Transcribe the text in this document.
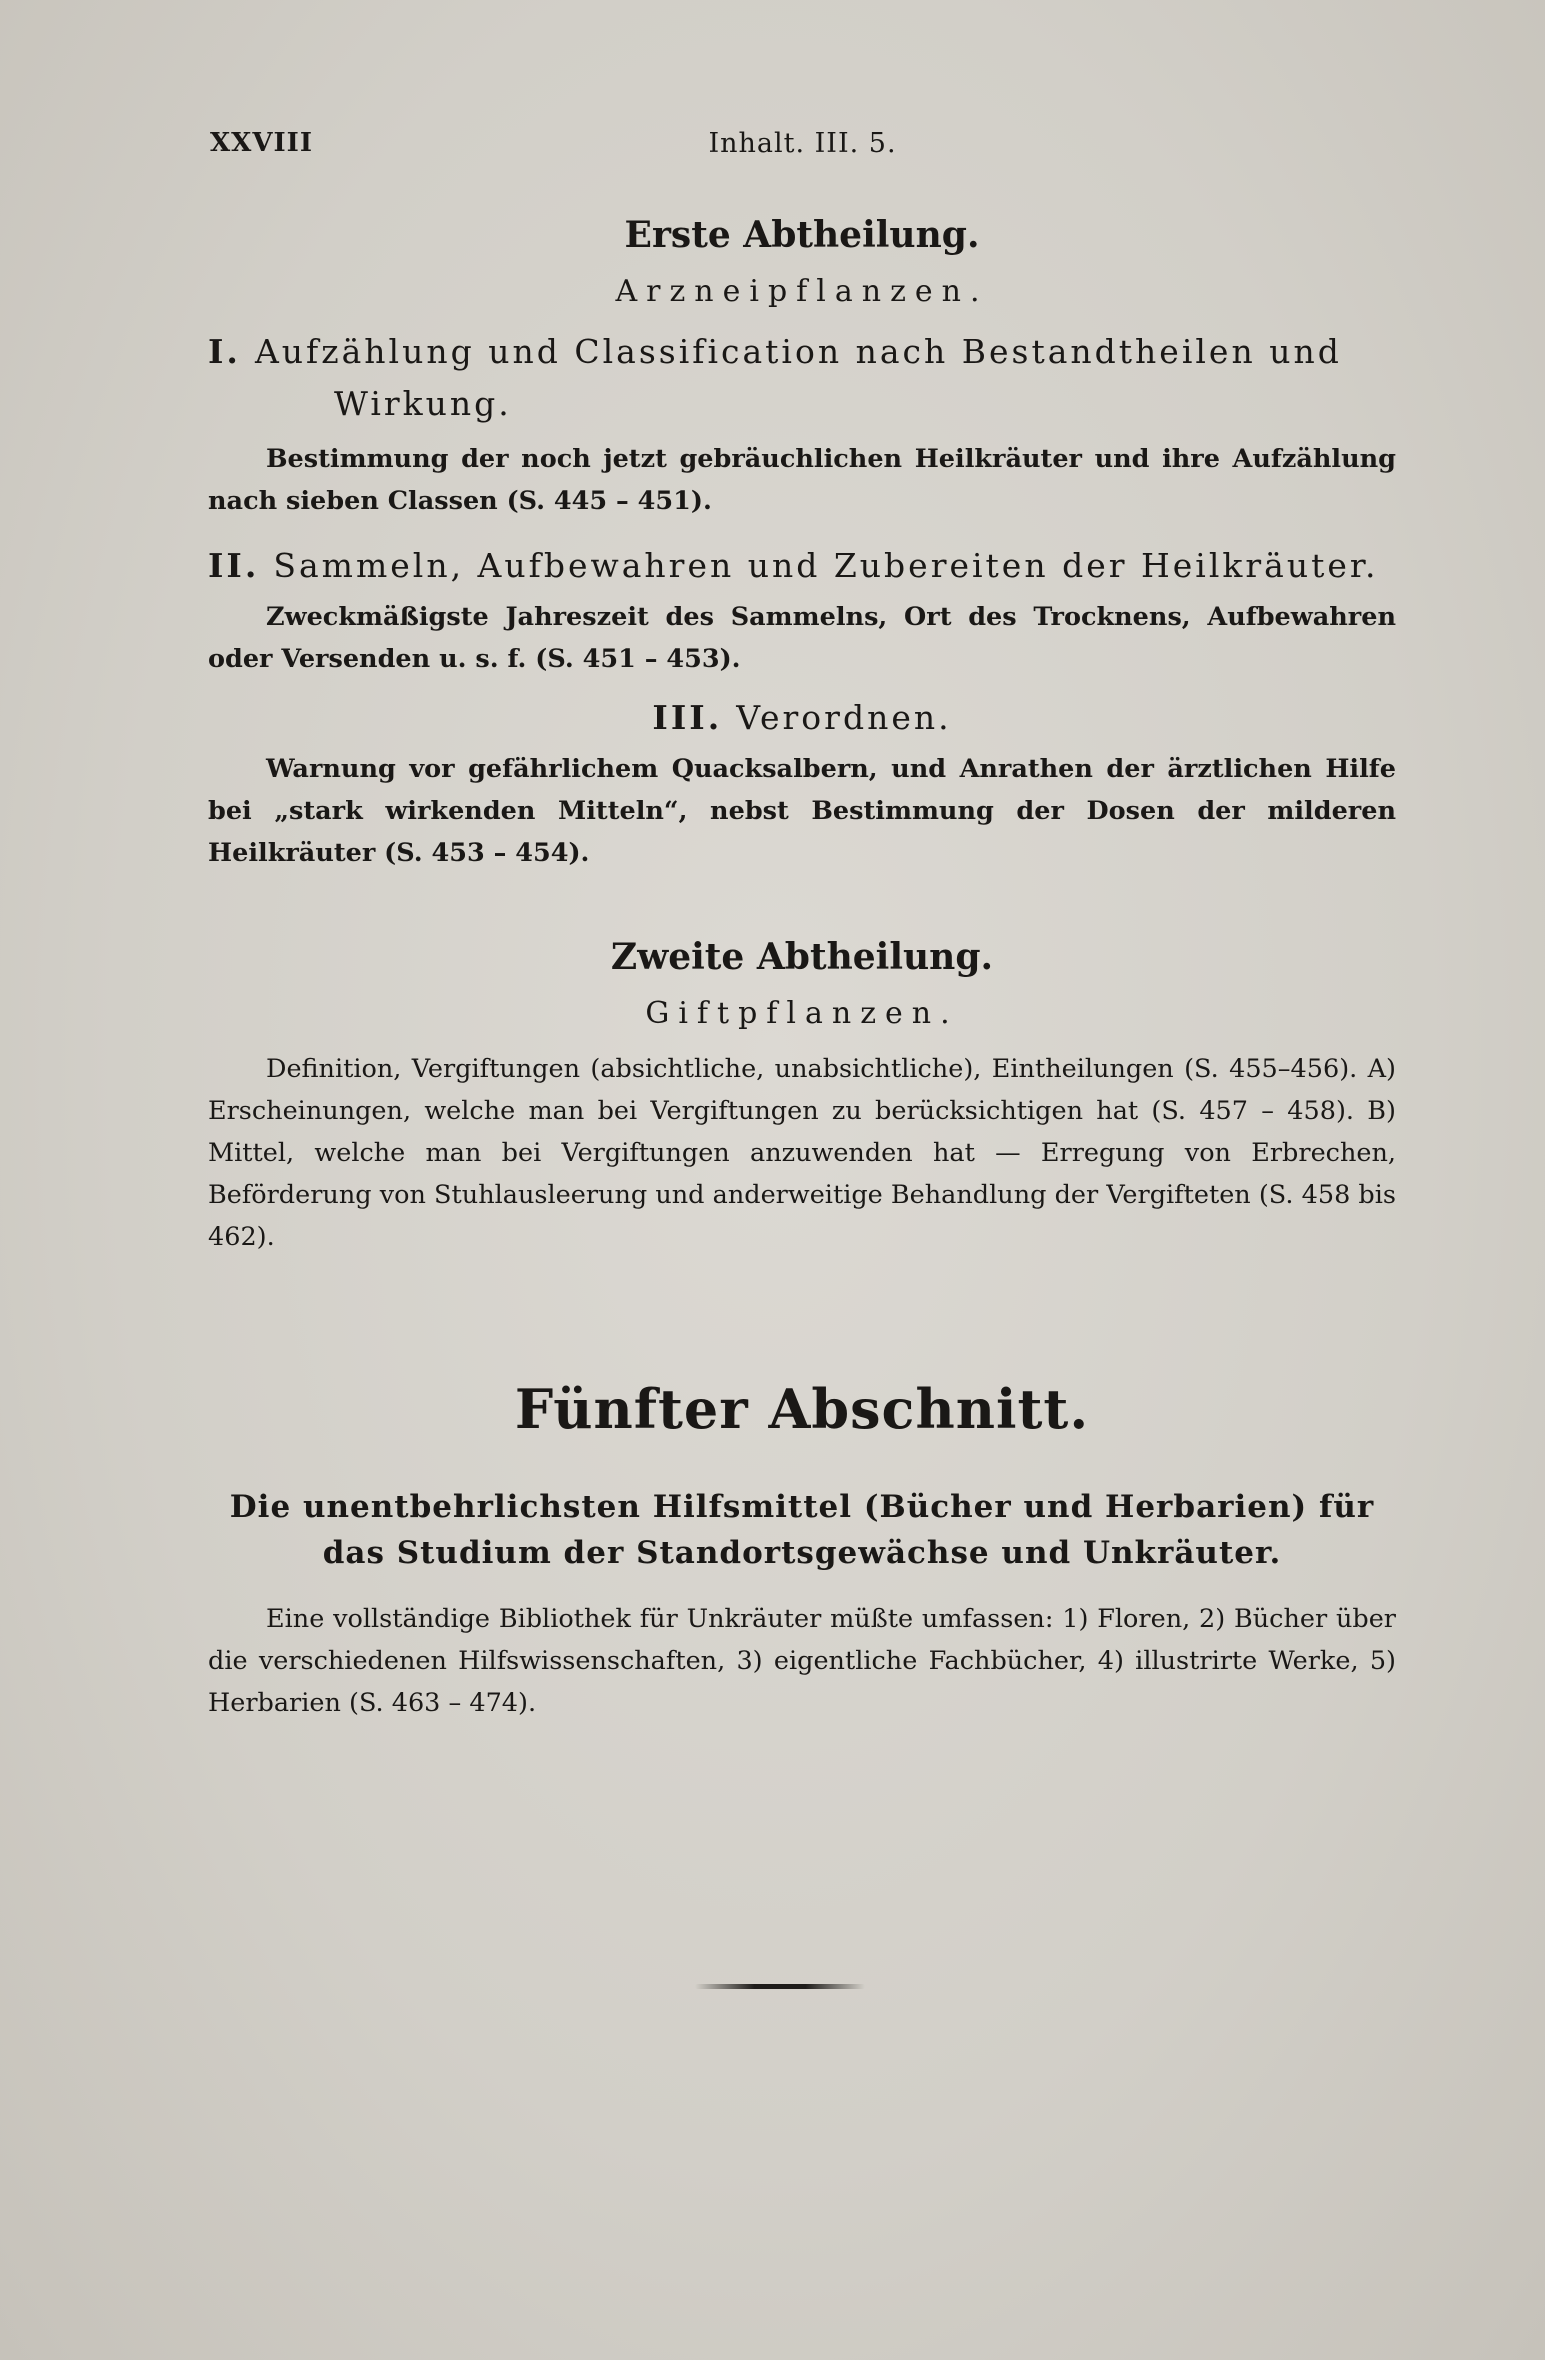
XXVIII	Inhalt. III. 5.
Erste Abtheilung.
Arzneipflanzen.

I. Aufzählung und Classification nach Bestandtheilen und

Wirkung.

Bestimmung der noch jetzt gebräuchlichen Heilkräuter und ihre Aufzählung nach sieben Classen (S. 445 – 451).

II. Sammeln, Aufbewahren und Zubereiten der Heilkräuter.

Zweckmäßigste Jahreszeit des Sammelns, Ort des Trocknens, Aufbewahren oder Versenden u. s. f. (S. 451 – 453).

III. Verordnen.

Warnung vor gefährlichem Quacksalbern, und Anrathen der ärztlichen Hilfe bei „stark wirkenden Mitteln“, nebst Bestimmung der Dosen der milderen Heilkräuter (S. 453 – 454).

Zweite Abtheilung.
Giftpflanzen.

Definition, Vergiftungen (absichtliche, unabsichtliche), Eintheilungen (S. 455–456). A) Erscheinungen, welche man bei Vergiftungen zu berücksichtigen hat (S. 457 – 458). B) Mittel, welche man bei Vergiftungen anzuwenden hat — Erregung von Erbrechen, Beförderung von Stuhlausleerung und anderweitige Behandlung der Vergifteten (S. 458 bis 462).

Fünfter Abschnitt.
Die unentbehrlichsten Hilfsmittel (Bücher und Herbarien) für
das Studium der Standortsgewächse und Unkräuter.

Eine vollständige Bibliothek für Unkräuter müßte umfassen: 1) Floren, 2) Bücher über die verschiedenen Hilfswissenschaften, 3) eigentliche Fachbücher, 4) illustrirte Werke, 5) Herbarien (S. 463 – 474).
